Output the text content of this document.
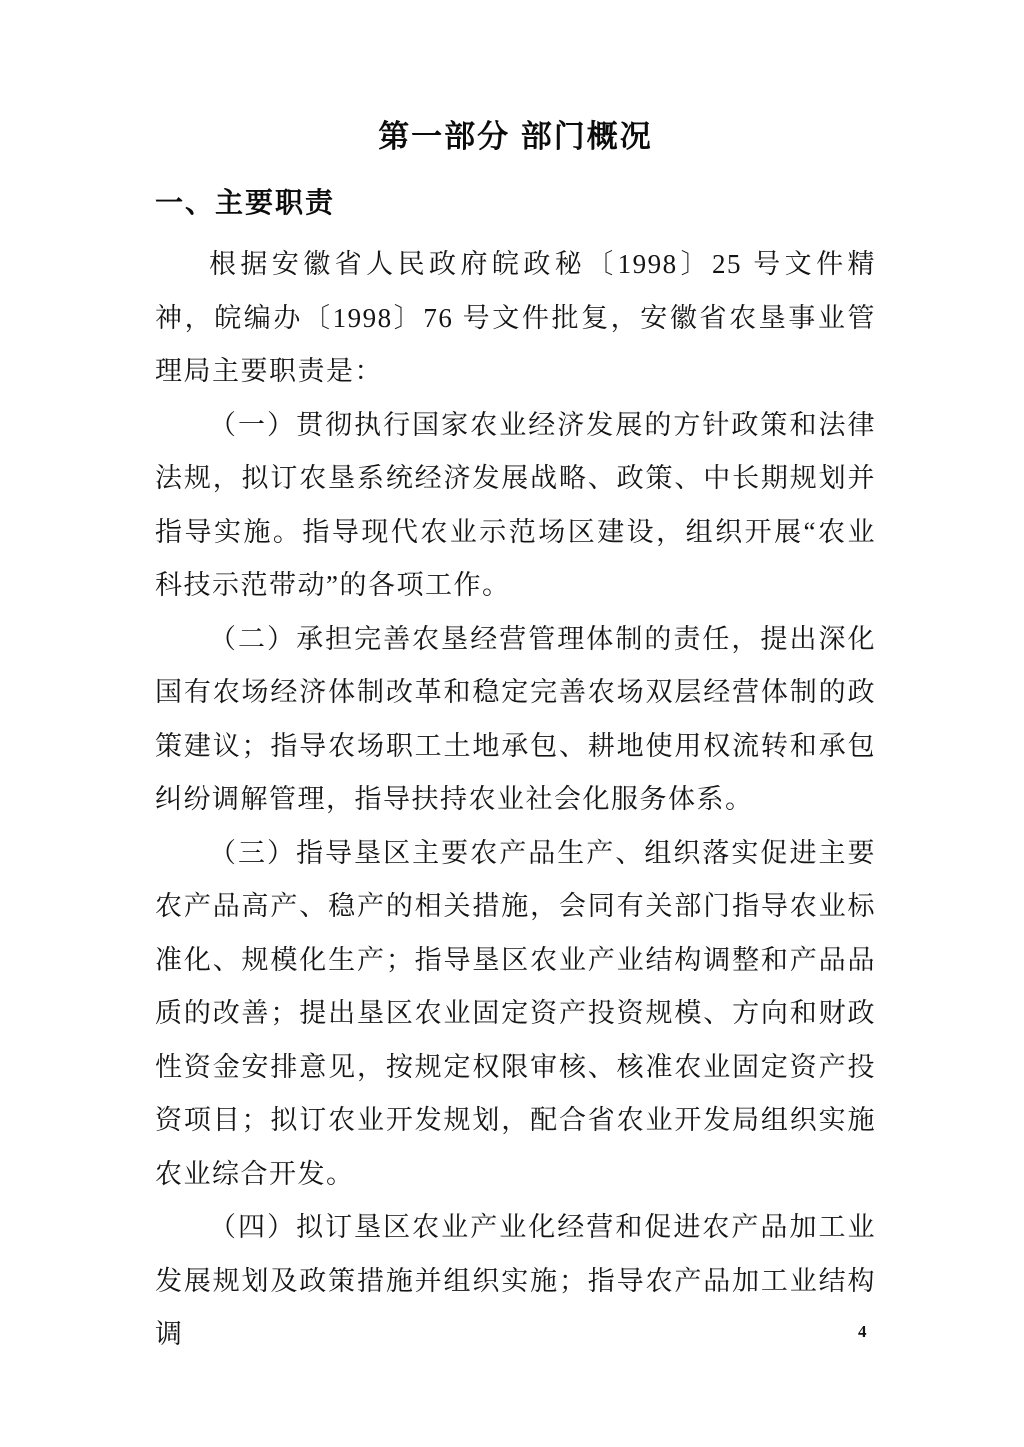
第一部分 部门概况
一、主要职责

根据安徽省人民政府皖政秘〔1998〕25 号文件精神，皖编办〔1998〕76 号文件批复，安徽省农垦事业管理局主要职责是：

（一）贯彻执行国家农业经济发展的方针政策和法律法规，拟订农垦系统经济发展战略、政策、中长期规划并指导实施。指导现代农业示范场区建设，组织开展“农业科技示范带动”的各项工作。

（二）承担完善农垦经营管理体制的责任，提出深化国有农场经济体制改革和稳定完善农场双层经营体制的政策建议；指导农场职工土地承包、耕地使用权流转和承包纠纷调解管理，指导扶持农业社会化服务体系。

（三）指导垦区主要农产品生产、组织落实促进主要农产品高产、稳产的相关措施，会同有关部门指导农业标准化、规模化生产；指导垦区农业产业结构调整和产品品质的改善；提出垦区农业固定资产投资规模、方向和财政性资金安排意见，按规定权限审核、核准农业固定资产投资项目；拟订农业开发规划，配合省农业开发局组织实施农业综合开发。

（四）拟订垦区农业产业化经营和促进农产品加工业发展规划及政策措施并组织实施；指导农产品加工业结构调	4
